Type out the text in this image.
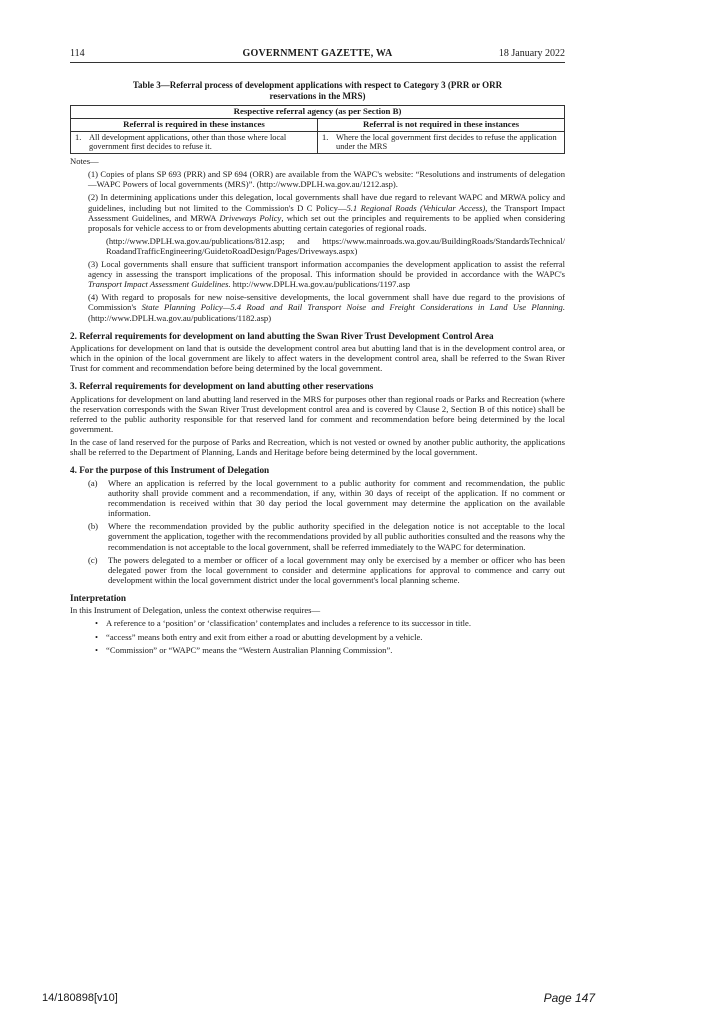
114	GOVERNMENT GAZETTE, WA	18 January 2022
Table 3—Referral process of development applications with respect to Category 3 (PRR or ORR reservations in the MRS)
Respective referral agency (as per Section B)	
Referral is required in these instances	Referral is not required in these instances

1. All development applications, other than those where local government first decides to refuse it.	1. Where the local government first decides to refuse the application under the MRS
Notes—

(1) Copies of plans SP 693 (PRR) and SP 694 (ORR) are available from the WAPC's website: “Resolutions and instruments of delegation—WAPC Powers of local governments (MRS)”. (http://www.DPLH.wa.gov.au/1212.asp).

(2) In determining applications under this delegation, local governments shall have due regard to relevant WAPC and MRWA policy and guidelines, including but not limited to the Commission's D C Policy—5.1 Regional Roads (Vehicular Access), the Transport Impact Assessment Guidelines, and MRWA Driveways Policy, which set out the principles and requirements to be applied when considering proposals for vehicle access to or from developments abutting certain categories of regional roads.

(http://www.DPLH.wa.gov.au/publications/812.asp; and https://www.mainroads.wa.gov.au/BuildingRoads/StandardsTechnical/ RoadandTrafficEngineering/GuidetoRoadDesign/Pages/Driveways.aspx)

(3) Local governments shall ensure that sufficient transport information accompanies the development application to assist the referral agency in assessing the transport implications of the proposal. This information should be provided in accordance with the WAPC's Transport Impact Assessment Guidelines. http://www.DPLH.wa.gov.au/publications/1197.asp

(4) With regard to proposals for new noise-sensitive developments, the local government shall have due regard to the provisions of Commission's State Planning Policy—5.4 Road and Rail Transport Noise and Freight Considerations in Land Use Planning. (http://www.DPLH.wa.gov.au/publications/1182.asp)

2. Referral requirements for development on land abutting the Swan River Trust Development Control Area

Applications for development on land that is outside the development control area but abutting land that is in the development control area, or which in the opinion of the local government are likely to affect waters in the development control area, shall be referred to the Swan River Trust for comment and recommendation before being determined by the local government.

3. Referral requirements for development on land abutting other reservations

Applications for development on land abutting land reserved in the MRS for purposes other than regional roads or Parks and Recreation (where the reservation corresponds with the Swan River Trust development control area and is covered by Clause 2, Section B of this notice) shall be referred to the public authority responsible for that reserved land for comment and recommendation before being determined by the local government.

In the case of land reserved for the purpose of Parks and Recreation, which is not vested or owned by another public authority, the applications shall be referred to the Department of Planning, Lands and Heritage before being determined by the local government.

4. For the purpose of this Instrument of Delegation
(a)	Where an application is referred by the local government to a public authority for comment and recommendation, the public authority shall provide comment and a recommendation, if any, within 30 days of receipt of the application. If no comment or recommendation is received within that 30 day period the local government may determine the application on the available information.
(b)	Where the recommendation provided by the public authority specified in the delegation notice is not acceptable to the local government the application, together with the recommendations provided by all public authorities consulted and the reasons why the recommendation is not acceptable to the local government, shall be referred immediately to the WAPC for determination.
(c)	The powers delegated to a member or officer of a local government may only be exercised by a member or officer who has been delegated power from the local government to consider and determine applications for approval to commence and carry out development within the local government district under the local government's local planning scheme.
Interpretation

In this Instrument of Delegation, unless the context otherwise requires—

• A reference to a ‘position’ or ‘classification’ contemplates and includes a reference to its successor in title.
• “access” means both entry and exit from either a road or abutting development by a vehicle.
• “Commission” or “WAPC” means the “Western Australian Planning Commission”.
14/180898[v10]	Page 147
